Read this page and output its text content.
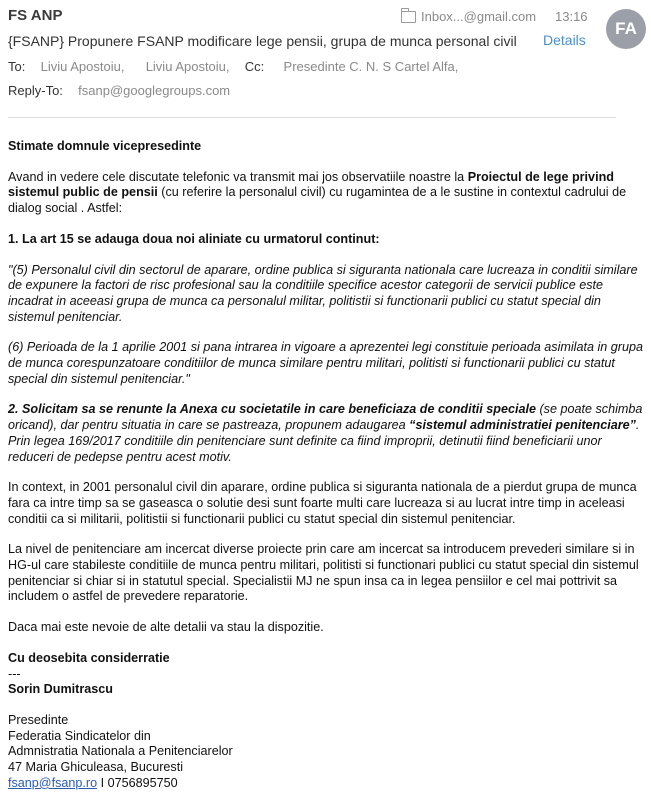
FS ANP	Inbox...@gmail.com 13:16
FA
{FSANP} Propunere FSANP modificare lege pensii, grupa de munca personal civil Details
To: Liviu Apostoiu, Liviu Apostoiu, Cc: Presedinte C. N. S Cartel Alfa,
Reply-To: fsanp@googlegroups.com

Stimate domnule vicepresedinte

Avand in vedere cele discutate telefonic va transmit mai jos observatiile noastre la Proiectul de lege privind sistemul public de pensii (cu referire la personalul civil) cu rugamintea de a le sustine in contextul cadrului de dialog social . Astfel:

1. La art 15 se adauga doua noi aliniate cu urmatorul continut:

"(5) Personalul civil din sectorul de aparare, ordine publica si siguranta nationala care lucreaza in conditii similare de expunere la factori de risc profesional sau la conditiile specifice acestor categorii de servicii publice este incadrat in aceeasi grupa de munca ca personalul militar, politistii si functionarii publici cu statut special din sistemul penitenciar.

(6) Perioada de la 1 aprilie 2001 si pana intrarea in vigoare a aprezentei legi constituie perioada asimilata in grupa de munca corespunzatoare conditiilor de munca similare pentru militari, politisti si functionarii publici cu statut special din sistemul penitenciar."

2. Solicitam sa se renunte la Anexa cu societatile in care beneficiaza de conditii speciale (se poate schimba oricand), dar pentru situatia in care se pastreaza, propunem adaugarea “sistemul administratiei penitenciare”. Prin legea 169/2017 conditiile din penitenciare sunt definite ca fiind improprii, detinutii fiind beneficiarii unor reduceri de pedepse pentru acest motiv.

In context, in 2001 personalul civil din aparare, ordine publica si siguranta nationala de a pierdut grupa de munca fara ca intre timp sa se gaseasca o solutie desi sunt foarte multi care lucreaza si au lucrat intre timp in aceleasi conditii ca si militarii, politistii si functionarii publici cu statut special din sistemul penitenciar.

La nivel de penitenciare am incercat diverse proiecte prin care am incercat sa introducem prevederi similare si in HG-ul care stabileste conditiile de munca pentru militari, politisti si functionari publici cu statut special din sistemul penitenciar si chiar si in statutul special. Specialistii MJ ne spun insa ca in legea pensiilor e cel mai pottrivit sa includem o astfel de prevedere reparatorie.

Daca mai este nevoie de alte detalii va stau la dispozitie.

Cu deosebita considerratie

---

Sorin Dumitrascu

Presedinte

Federatia Sindicatelor din

Admnistratia Nationala a Penitenciarelor

47 Maria Ghiculeasa, Bucuresti

fsanp@fsanp.ro I 0756895750
